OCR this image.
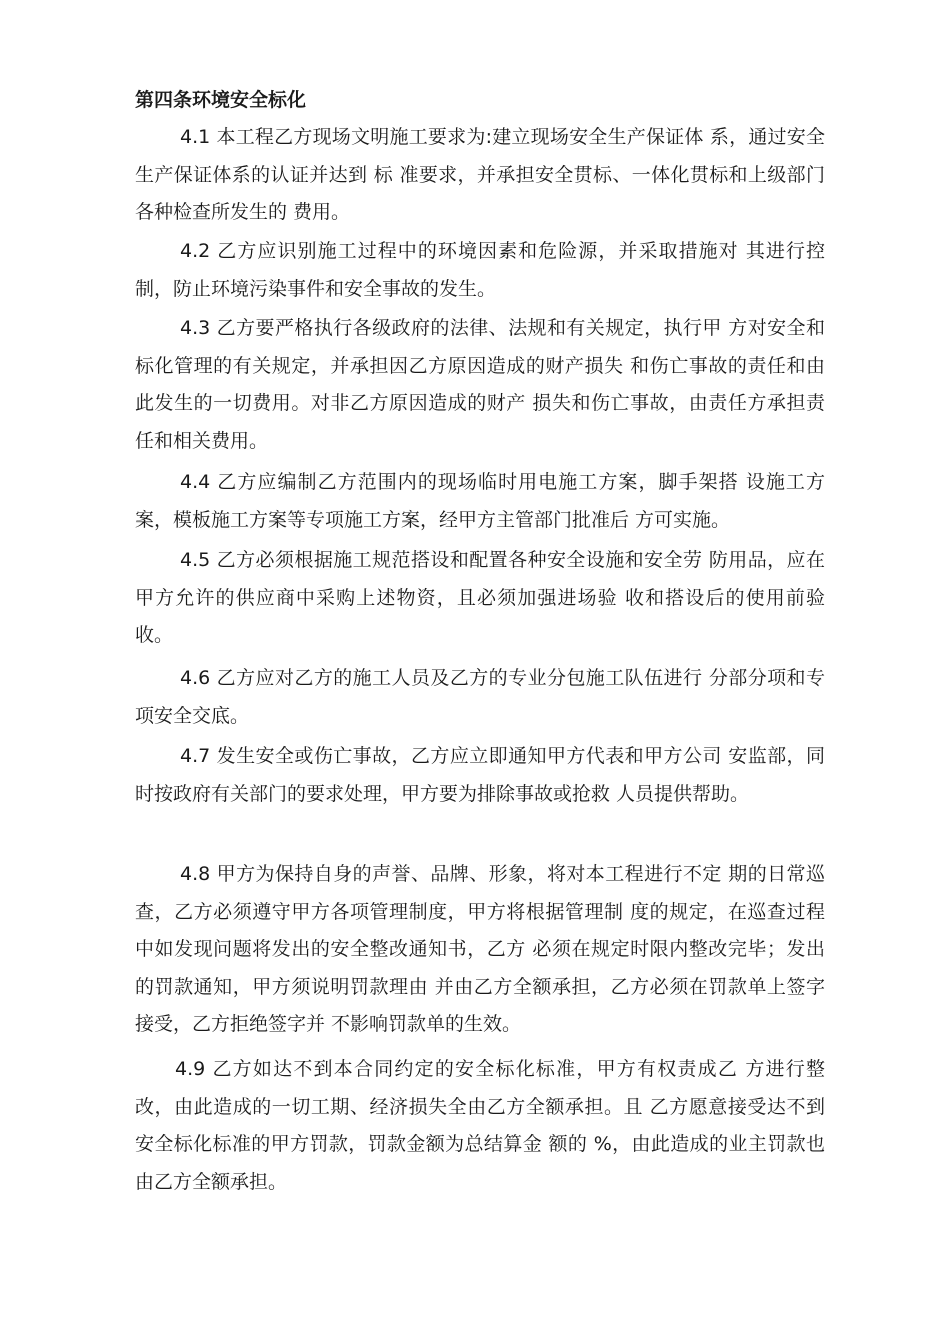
第四条环境安全标化

4.1 本工程乙方现场文明施工要求为:建立现场安全生产保证体 系，通过安全生产保证体系的认证并达到 标 准要求，并承担安全贯标、一体化贯标和上级部门各种检查所发生的 费用。

4.2 乙方应识别施工过程中的环境因素和危险源，并采取措施对 其进行控制，防止环境污染事件和安全事故的发生。

4.3 乙方要严格执行各级政府的法律、法规和有关规定，执行甲 方对安全和标化管理的有关规定，并承担因乙方原因造成的财产损失 和伤亡事故的责任和由此发生的一切费用。对非乙方原因造成的财产 损失和伤亡事故，由责任方承担责任和相关费用。

4.4 乙方应编制乙方范围内的现场临时用电施工方案，脚手架搭 设施工方案，模板施工方案等专项施工方案，经甲方主管部门批准后 方可实施。

4.5 乙方必须根据施工规范搭设和配置各种安全设施和安全劳 防用品，应在甲方允许的供应商中采购上述物资，且必须加强进场验 收和搭设后的使用前验收。

4.6 乙方应对乙方的施工人员及乙方的专业分包施工队伍进行 分部分项和专项安全交底。

4.7 发生安全或伤亡事故，乙方应立即通知甲方代表和甲方公司 安监部，同时按政府有关部门的要求处理，甲方要为排除事故或抢救 人员提供帮助。

4.8 甲方为保持自身的声誉、品牌、形象，将对本工程进行不定 期的日常巡查，乙方必须遵守甲方各项管理制度，甲方将根据管理制 度的规定，在巡查过程中如发现问题将发出的安全整改通知书，乙方 必须在规定时限内整改完毕；发出的罚款通知，甲方须说明罚款理由 并由乙方全额承担，乙方必须在罚款单上签字接受，乙方拒绝签字并 不影响罚款单的生效。

4.9 乙方如达不到本合同约定的安全标化标准，甲方有权责成乙 方进行整改，由此造成的一切工期、经济损失全由乙方全额承担。且 乙方愿意接受达不到安全标化标准的甲方罚款，罚款金额为总结算金 额的 %，由此造成的业主罚款也由乙方全额承担。
